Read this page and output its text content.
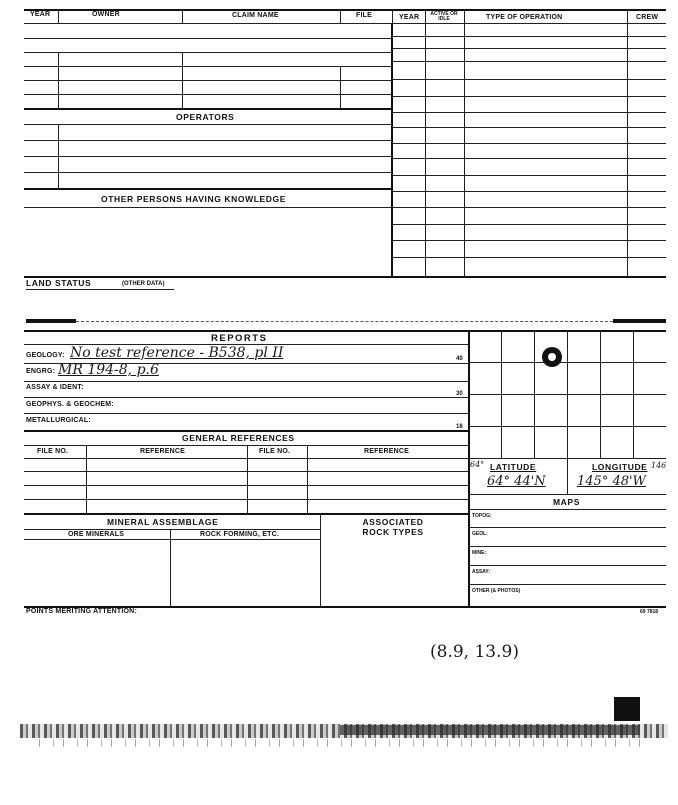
YEAR	OWNER	CLAIM NAME	FILE	YEAR	ACTIVE OR IDLE	TYPE OF OPERATION	CREW
OPERATORS
OTHER PERSONS HAVING KNOWLEDGE
LAND STATUS	(OTHER DATA)
REPORTS
GEOLOGY: No test reference - B538, pl II	40
ENGRG: MR 194-8, p.6
ASSAY & IDENT:
30
GEOPHYS. & GEOCHEM:
METALLURGICAL:
18
GENERAL REFERENCES
FILE NO.	REFERENCE	FILE NO.	REFERENCE
MINERAL ASSEMBLAGE
ORE MINERALS	ROCK FORMING, ETC.
ASSOCIATED ROCK TYPES
POINTS MERITING ATTENTION:	69 7818
64° LATITUDE	LONGITUDE 146
64° 44'N 145° 48'W
MAPS
TOPOG:
GEOL:
MINE:
ASSAY:
OTHER (& PHOTOS)
(8.9, 13.9)
